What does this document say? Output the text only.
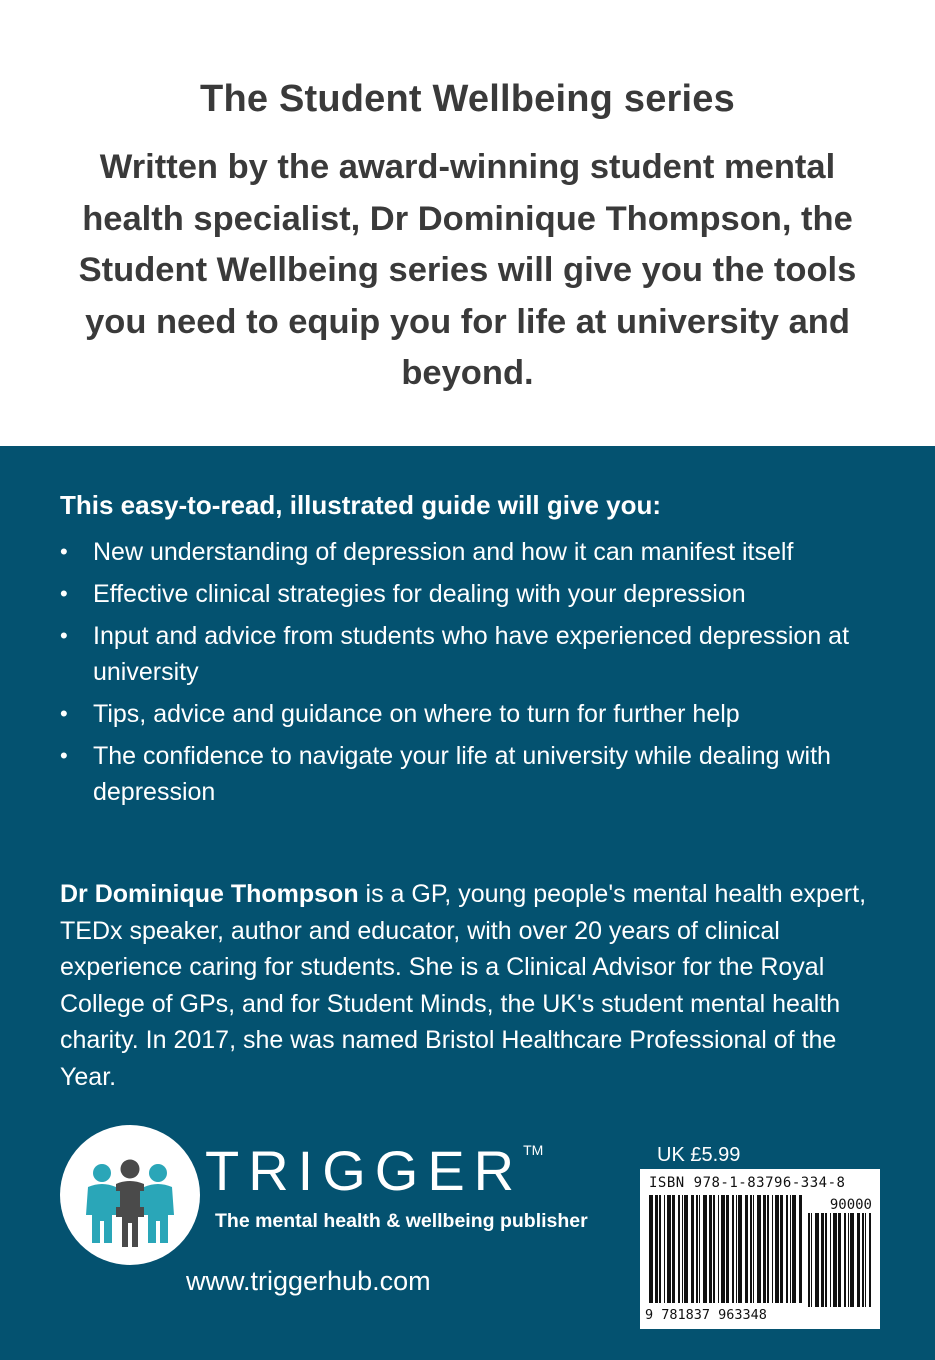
The Student Wellbeing series
Written by the award-winning student mental health specialist, Dr Dominique Thompson, the Student Wellbeing series will give you the tools you need to equip you for life at university and beyond.
This easy-to-read, illustrated guide will give you:
• New understanding of depression and how it can manifest itself
• Effective clinical strategies for dealing with your depression
• Input and advice from students who have experienced depression at university
• Tips, advice and guidance on where to turn for further help
• The confidence to navigate your life at university while dealing with depression

Dr Dominique Thompson is a GP, young people's mental health expert, TEDx speaker, author and educator, with over 20 years of clinical experience caring for students. She is a Clinical Advisor for the Royal College of GPs, and for Student Minds, the UK's student mental health charity. In 2017, she was named Bristol Healthcare Professional of the Year.

TRIGGER™
The mental health & wellbeing publisher
www.triggerhub.com
UK £5.99
ISBN 978-1-83796-334-8
90000
9 781837 963348
